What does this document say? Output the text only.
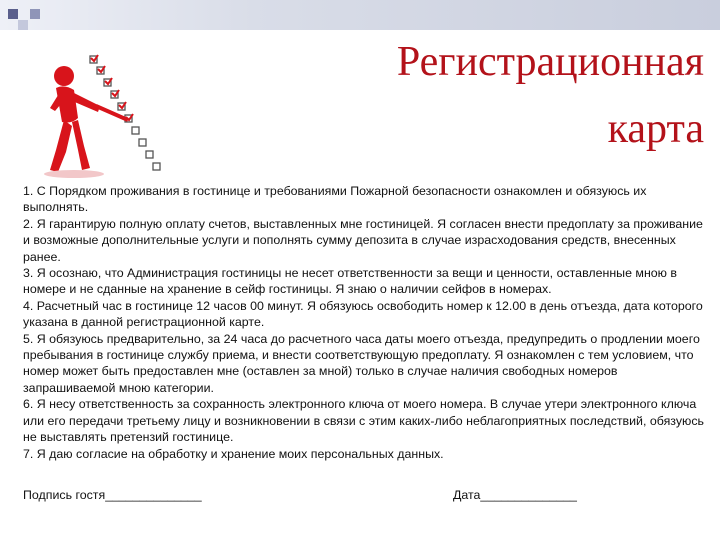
Регистрационная
карта

1. С Порядком проживания в гостинице и требованиями Пожарной безопасности ознакомлен и обязуюсь их выполнять.

2. Я гарантирую полную оплату счетов, выставленных мне гостиницей. Я согласен внести предоплату за проживание и возможные дополнительные услуги и пополнять сумму депозита в случае израсходования средств, внесенных ранее.

3. Я осознаю, что Администрация гостиницы не несет ответственности за вещи и ценности, оставленные мною в номере и не сданные на хранение в сейф гостиницы. Я знаю о наличии сейфов в номерах.

4. Расчетный час в гостинице 12 часов 00 минут. Я обязуюсь освободить номер к 12.00 в день отъезда, дата которого указана в данной регистрационной карте.

5. Я обязуюсь предварительно, за 24 часа до расчетного часа даты моего отъезда, предупредить о продлении моего пребывания в гостинице службу приема, и внести соответствующую предоплату. Я ознакомлен с тем условием, что номер может быть предоставлен мне (оставлен за мной) только в случае наличия свободных номеров запрашиваемой мною категории.

6. Я несу ответственность за сохранность электронного ключа от моего номера. В случае утери электронного ключа или его передачи третьему лицу и возникновении в связи с этим каких-либо неблагоприятных последствий, обязуюсь не выставлять претензий гостинице.

7. Я даю согласие на обработку и хранение моих персональных данных.

Подпись гостя______________	Дата______________
